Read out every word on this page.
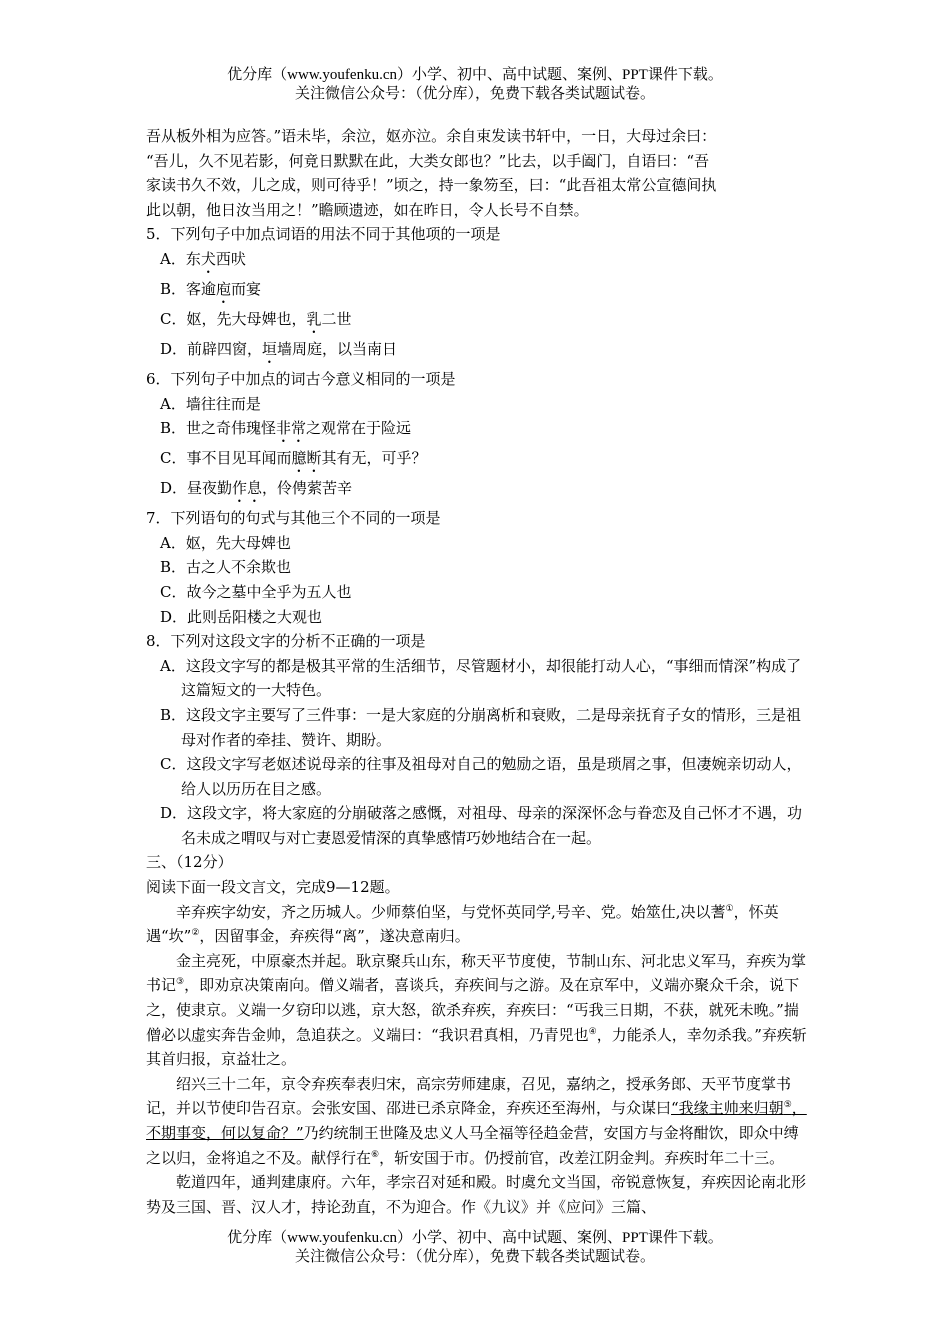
优分库（www.youfenku.cn）小学、初中、高中试题、案例、PPT课件下载。
关注微信公众号：（优分库），免费下载各类试题试卷。

吾从板外相为应答。”语未毕，余泣，妪亦泣。余自束发读书轩中，一日，大母过余曰：

“吾儿，久不见若影，何竟日默默在此，大类女郎也？”比去，以手阖门，自语曰：“吾

家读书久不效，儿之成，则可待乎！”顷之，持一象笏至，曰：“此吾祖太常公宣德间执

此以朝，他日汝当用之！”瞻顾遗迹，如在昨日，令人长号不自禁。

5．下列句子中加点词语的用法不同于其他项的一项是

A．东犬西吠

B．客逾庖而宴

C．妪，先大母婢也，乳二世

D．前辟四窗，垣墙周庭，以当南日

6．下列句子中加点的词古今意义相同的一项是

A．墙往往而是

B．世之奇伟瑰怪非常之观常在于险远

C．事不目见耳闻而臆断其有无，可乎？

D．昼夜勤作息，伶俜萦苦辛

7．下列语句的句式与其他三个不同的一项是

A．妪，先大母婢也

B．古之人不余欺也

C．故今之墓中全乎为五人也

D．此则岳阳楼之大观也

8．下列对这段文字的分析不正确的一项是

A．这段文字写的都是极其平常的生活细节，尽管题材小，却很能打动人心，“事细而情深”构成了这篇短文的一大特色。

B．这段文字主要写了三件事：一是大家庭的分崩离析和衰败，二是母亲抚育子女的情形，三是祖母对作者的牵挂、赞许、期盼。

C．这段文字写老妪述说母亲的往事及祖母对自己的勉励之语，虽是琐屑之事，但凄婉亲切动人，给人以历历在目之感。

D．这段文字，将大家庭的分崩破落之感慨，对祖母、母亲的深深怀念与眷恋及自己怀才不遇，功名未成之喟叹与对亡妻恩爱情深的真挚感情巧妙地结合在一起。

三、（12分）

阅读下面一段文言文，完成9—12题。

辛弃疾字幼安，齐之历城人。少师蔡伯坚，与党怀英同学,号辛、党。始筮仕,决以蓍①，怀英遇“坎”②，因留事金，弃疾得“离”，遂决意南归。

金主亮死，中原豪杰并起。耿京聚兵山东，称天平节度使，节制山东、河北忠义军马，弃疾为掌书记③，即劝京决策南向。僧义端者，喜谈兵，弃疾间与之游。及在京军中，义端亦聚众千余，说下之，使隶京。义端一夕窃印以逃，京大怒，欲杀弃疾，弃疾曰：“丐我三日期，不获，就死未晚。”揣僧必以虚实奔告金帅，急追获之。义端曰：“我识君真相，乃青兕也④，力能杀人，幸勿杀我。”弃疾斩其首归报，京益壮之。

绍兴三十二年，京令弃疾奉表归宋，高宗劳师建康，召见，嘉纳之，授承务郎、天平节度掌书记，并以节使印告召京。会张安国、邵进已杀京降金，弃疾还至海州，与众谋曰“我缘主帅来归朝⑤，不期事变，何以复命？”乃约统制王世隆及忠义人马全福等径趋金营，安国方与金将酣饮，即众中缚之以归，金将追之不及。献俘行在⑥，斩安国于市。仍授前官，改差江阴金判。弃疾时年二十三。

乾道四年，通判建康府。六年，孝宗召对延和殿。时虞允文当国，帝锐意恢复，弃疾因论南北形势及三国、晋、汉人才，持论劲直，不为迎合。作《九议》并《应问》三篇、

优分库（www.youfenku.cn）小学、初中、高中试题、案例、PPT课件下载。
关注微信公众号：（优分库），免费下载各类试题试卷。
